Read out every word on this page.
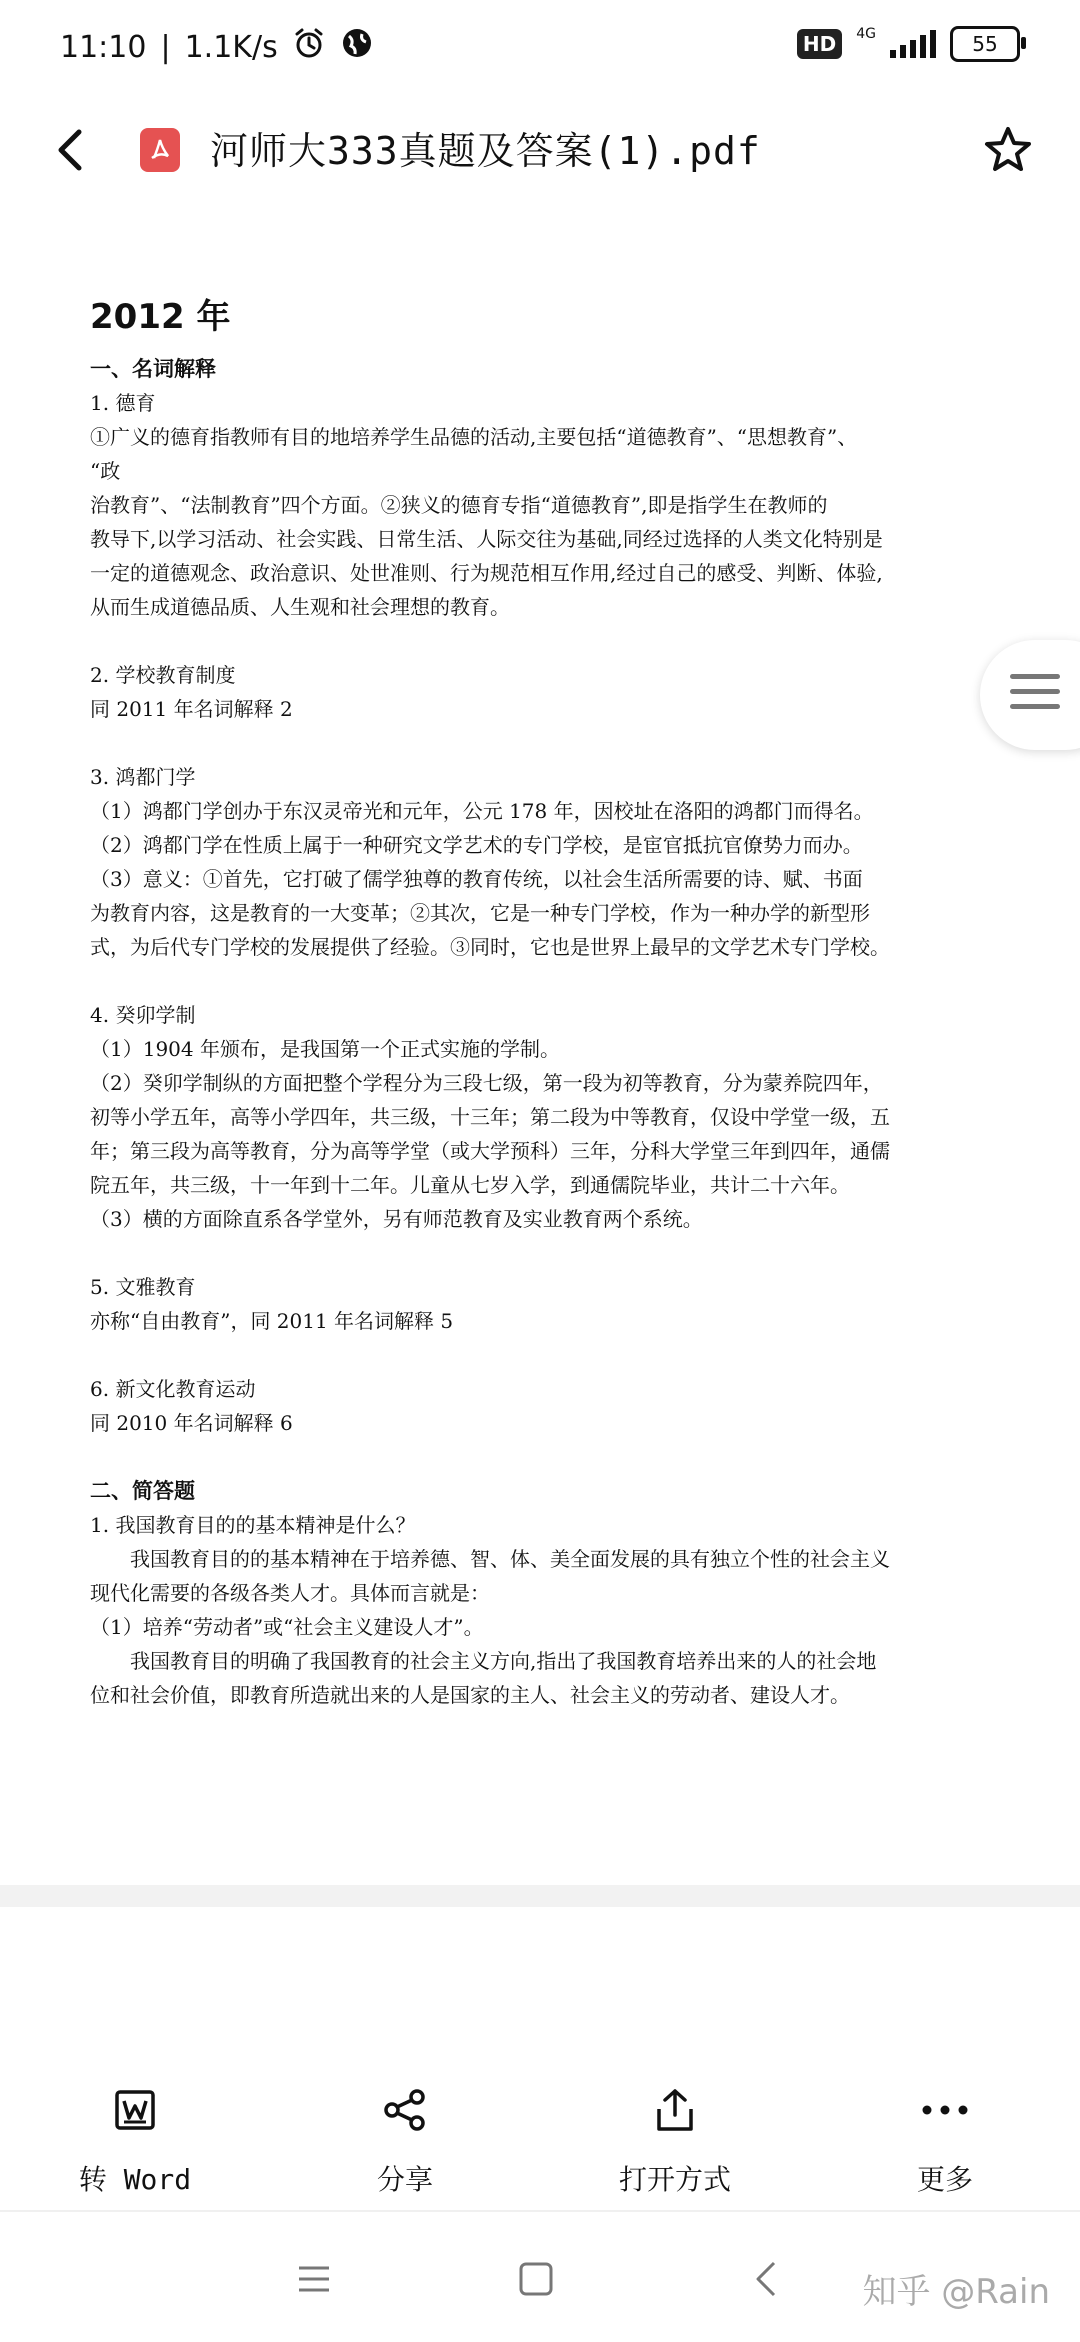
11:10 | 1.1K/s	HD	4G	55
河师大333真题及答案(1).pdf
2012 年

一、名词解释

1. 德育

①广义的德育指教师有目的地培养学生品德的活动,主要包括“道德教育”、“思想教育”、

“政

治教育”、“法制教育”四个方面。②狭义的德育专指“道德教育”,即是指学生在教师的

教导下,以学习活动、社会实践、日常生活、人际交往为基础,同经过选择的人类文化特别是

一定的道德观念、政治意识、处世准则、行为规范相互作用,经过自己的感受、判断、体验,

从而生成道德品质、人生观和社会理想的教育。

2. 学校教育制度

同 2011 年名词解释 2

3. 鸿都门学

（1）鸿都门学创办于东汉灵帝光和元年，公元 178 年，因校址在洛阳的鸿都门而得名。

（2）鸿都门学在性质上属于一种研究文学艺术的专门学校，是宦官抵抗官僚势力而办。

（3）意义：①首先，它打破了儒学独尊的教育传统，以社会生活所需要的诗、赋、书面

为教育内容，这是教育的一大变革；②其次，它是一种专门学校，作为一种办学的新型形

式，为后代专门学校的发展提供了经验。③同时，它也是世界上最早的文学艺术专门学校。

4. 癸卯学制

（1）1904 年颁布，是我国第一个正式实施的学制。

（2）癸卯学制纵的方面把整个学程分为三段七级，第一段为初等教育，分为蒙养院四年，

初等小学五年，高等小学四年，共三级，十三年；第二段为中等教育，仅设中学堂一级，五

年；第三段为高等教育，分为高等学堂（或大学预科）三年，分科大学堂三年到四年，通儒

院五年，共三级，十一年到十二年。儿童从七岁入学，到通儒院毕业，共计二十六年。

（3）横的方面除直系各学堂外，另有师范教育及实业教育两个系统。

5. 文雅教育

亦称“自由教育”，同 2011 年名词解释 5

6. 新文化教育运动

同 2010 年名词解释 6

二、简答题

1. 我国教育目的的基本精神是什么？

我国教育目的的基本精神在于培养德、智、体、美全面发展的具有独立个性的社会主义

现代化需要的各级各类人才。具体而言就是：

（1）培养“劳动者”或“社会主义建设人才”。

我国教育目的明确了我国教育的社会主义方向,指出了我国教育培养出来的人的社会地

位和社会价值，即教育所造就出来的人是国家的主人、社会主义的劳动者、建设人才。

转 Word	分享	打开方式	更多
知乎 @Rain
